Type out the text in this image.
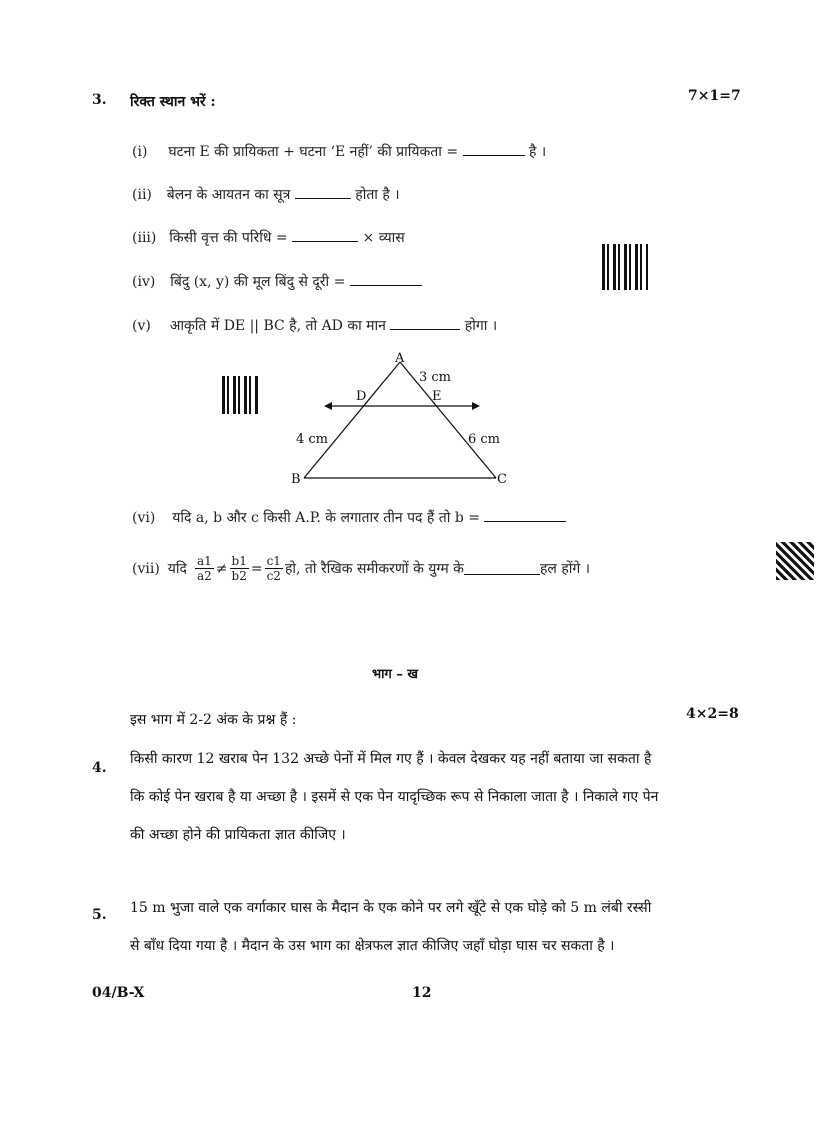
3. रिक्त स्थान भरें :	7×1=7
(i) घटना E की प्रायिकता + घटना ‘E नहीं’ की प्रायिकता =	है ।
(ii) बेलन के आयतन का सूत्र	होता है ।
(iii) किसी वृत्त की परिधि =	× व्यास
(iv) बिंदु (x, y) की मूल बिंदु से दूरी =
(v) आकृति में DE || BC है, तो AD का मान	होगा ।
A
D	E
3 cm
4 cm	6 cm
B	C
(vi) यदि a, b और c किसी A.P. के लगातार तीन पद हैं तो b =
(vii) यदि $\frac{a1}{a2} \ne \frac{b1}{b2} = \frac{c1}{c2}$ हो, तो रैखिक समीकरणों के युग्म के	हल होंगे ।
भाग – ख
इस भाग में 2-2 अंक के प्रश्न हैं :	4×2=8
4.
किसी कारण 12 खराब पेन 132 अच्छे पेनों में मिल गए हैं । केवल देखकर यह नहीं बताया जा सकता है
कि कोई पेन खराब है या अच्छा है । इसमें से एक पेन यादृच्छिक रूप से निकाला जाता है । निकाले गए पेन
की अच्छा होने की प्रायिकता ज्ञात कीजिए ।
5. 15 m भुजा वाले एक वर्गाकार घास के मैदान के एक कोने पर लगे खूँटे से एक घोड़े को 5 m लंबी रस्सी
से बाँध दिया गया है । मैदान के उस भाग का क्षेत्रफल ज्ञात कीजिए जहाँ घोड़ा घास चर सकता है ।
04/B-X	12
